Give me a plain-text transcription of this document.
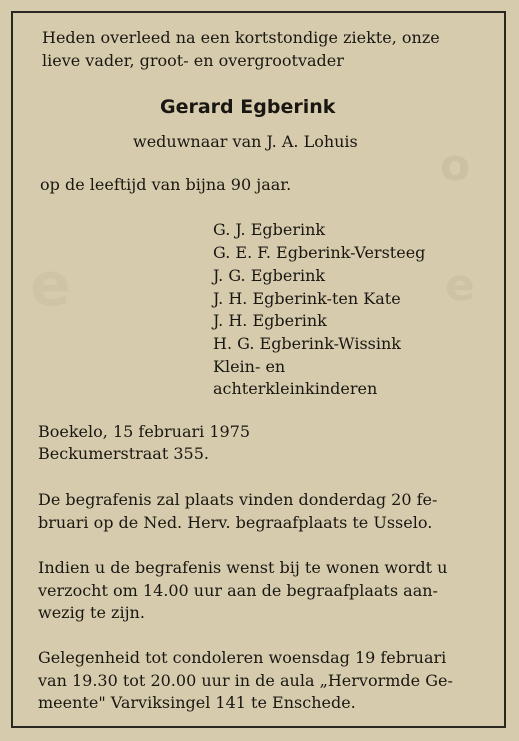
o
e
e
Heden overleed na een kortstondige ziekte, onze
lieve vader, groot- en overgrootvader
Gerard Egberink
weduwnaar van J. A. Lohuis
op de leeftijd van bijna 90 jaar.
G. J. Egberink
G. E. F. Egberink-Versteeg
J. G. Egberink
J. H. Egberink-ten Kate
J. H. Egberink
H. G. Egberink-Wissink
Klein- en
achterkleinkinderen
Boekelo, 15 februari 1975
Beckumerstraat 355.
De begrafenis zal plaats vinden donderdag 20 fe-
bruari op de Ned. Herv. begraafplaats te Usselo.
Indien u de begrafenis wenst bij te wonen wordt u
verzocht om 14.00 uur aan de begraafplaats aan-
wezig te zijn.
Gelegenheid tot condoleren woensdag 19 februari
van 19.30 tot 20.00 uur in de aula „Hervormde Ge-
meente" Varviksingel 141 te Enschede.
